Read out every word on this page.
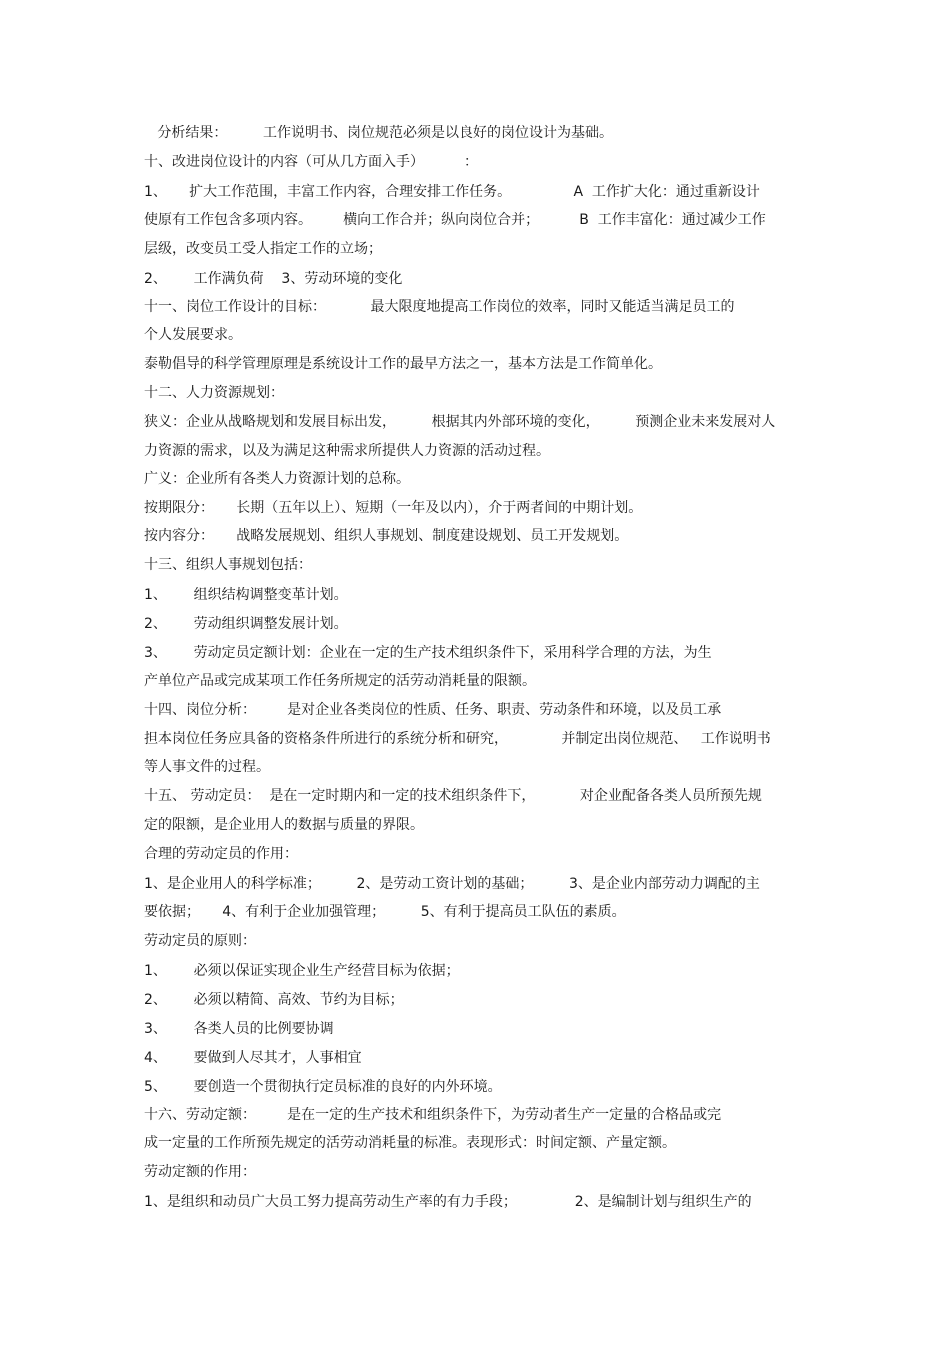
分析结果：        工作说明书、岗位规范必须是以良好的岗位设计为基础。

十、改进岗位设计的内容（可从几方面入手）         ：

1、     扩大工作范围，丰富工作内容，合理安排工作任务。              A  工作扩大化：通过重新设计

使原有工作包含多项内容。       横向工作合并；纵向岗位合并；         B  工作丰富化：通过减少工作

层级，改变员工受人指定工作的立场；

2、      工作满负荷    3、劳动环境的变化

十一、岗位工作设计的目标：          最大限度地提高工作岗位的效率，同时又能适当满足员工的

个人发展要求。

泰勒倡导的科学管理原理是系统设计工作的最早方法之一，基本方法是工作简单化。

十二、人力资源规划：

狭义：企业从战略规划和发展目标出发，        根据其内外部环境的变化，        预测企业未来发展对人

力资源的需求，以及为满足这种需求所提供人力资源的活动过程。

广义：企业所有各类人力资源计划的总称。

按期限分：     长期（五年以上）、短期（一年及以内），介于两者间的中期计划。

按内容分：     战略发展规划、组织人事规划、制度建设规划、员工开发规划。

十三、组织人事规划包括：

1、      组织结构调整变革计划。

2、      劳动组织调整发展计划。

3、      劳动定员定额计划：企业在一定的生产技术组织条件下，采用科学合理的方法，为生

产单位产品或完成某项工作任务所规定的活劳动消耗量的限额。

十四、岗位分析：       是对企业各类岗位的性质、任务、职责、劳动条件和环境，以及员工承

担本岗位任务应具备的资格条件所进行的系统分析和研究，            并制定出岗位规范、   工作说明书

等人事文件的过程。

十五、 劳动定员：  是在一定时期内和一定的技术组织条件下，          对企业配备各类人员所预先规

定的限额，是企业用人的数据与质量的界限。

合理的劳动定员的作用：

1、是企业用人的科学标准；        2、是劳动工资计划的基础；        3、是企业内部劳动力调配的主

要依据；     4、有利于企业加强管理；        5、有利于提高员工队伍的素质。

劳动定员的原则：

1、      必须以保证实现企业生产经营目标为依据；

2、      必须以精简、高效、节约为目标；

3、      各类人员的比例要协调

4、      要做到人尽其才，人事相宜

5、      要创造一个贯彻执行定员标准的良好的内外环境。

十六、劳动定额：       是在一定的生产技术和组织条件下，为劳动者生产一定量的合格品或完

成一定量的工作所预先规定的活劳动消耗量的标准。表现形式：时间定额、产量定额。

劳动定额的作用：

1、是组织和动员广大员工努力提高劳动生产率的有力手段；             2、是编制计划与组织生产的
